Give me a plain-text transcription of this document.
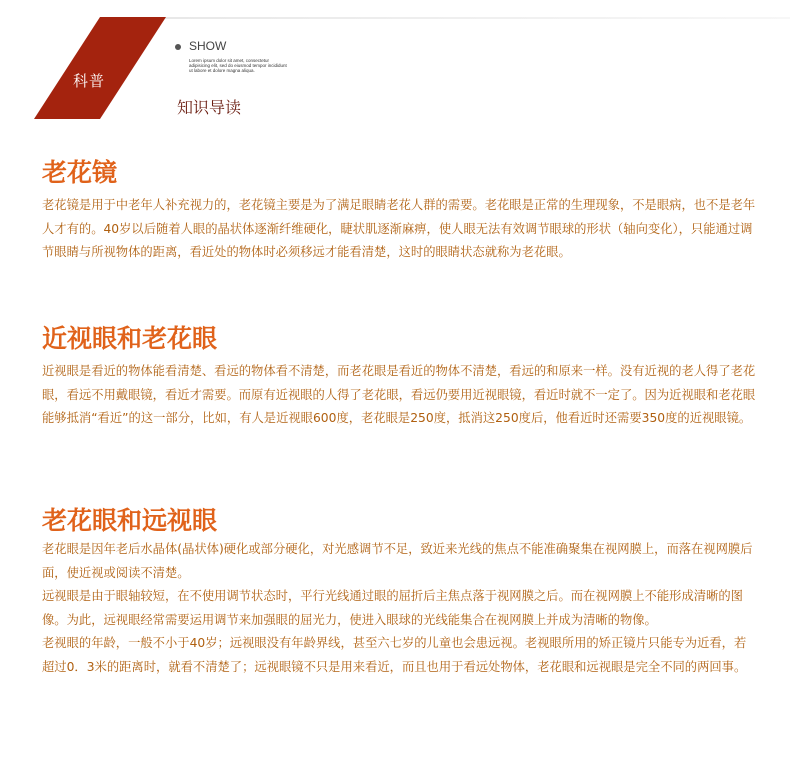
科普
SHOW
Lorem ipsum dolor sit amet, consectetur adipisicing elit, sed do eiusmod tempor incididunt ut labore et dolore magna aliqua.
知识导读
老花镜

老花镜是用于中老年人补充视力的，老花镜主要是为了满足眼睛老花人群的需要。老花眼是正常的生理现象，不是眼病，也不是老年人才有的。40岁以后随着人眼的晶状体逐渐纤维硬化，睫状肌逐渐麻痹，使人眼无法有效调节眼球的形状（轴向变化），只能通过调节眼睛与所视物体的距离，看近处的物体时必须移远才能看清楚，这时的眼睛状态就称为老花眼。

近视眼和老花眼

近视眼是看近的物体能看清楚、看远的物体看不清楚，而老花眼是看近的物体不清楚，看远的和原来一样。没有近视的老人得了老花眼，看远不用戴眼镜，看近才需要。而原有近视眼的人得了老花眼，看远仍要用近视眼镜，看近时就不一定了。因为近视眼和老花眼能够抵消“看近”的这一部分，比如，有人是近视眼600度，老花眼是250度，抵消这250度后，他看近时还需要350度的近视眼镜。

老花眼和远视眼

老花眼是因年老后水晶体(晶状体)硬化或部分硬化，对光感调节不足，致近来光线的焦点不能准确聚集在视网膜上，而落在视网膜后面，使近视或阅读不清楚。

远视眼是由于眼轴较短，在不使用调节状态时，平行光线通过眼的屈折后主焦点落于视网膜之后。而在视网膜上不能形成清晰的图像。为此，远视眼经常需要运用调节来加强眼的屈光力，使进入眼球的光线能集合在视网膜上并成为清晰的物像。

老视眼的年龄，一般不小于40岁；远视眼没有年龄界线，甚至六七岁的儿童也会患远视。老视眼所用的矫正镜片只能专为近看，若超过0．3米的距离时，就看不清楚了；远视眼镜不只是用来看近，而且也用于看远处物体，老花眼和远视眼是完全不同的两回事。
